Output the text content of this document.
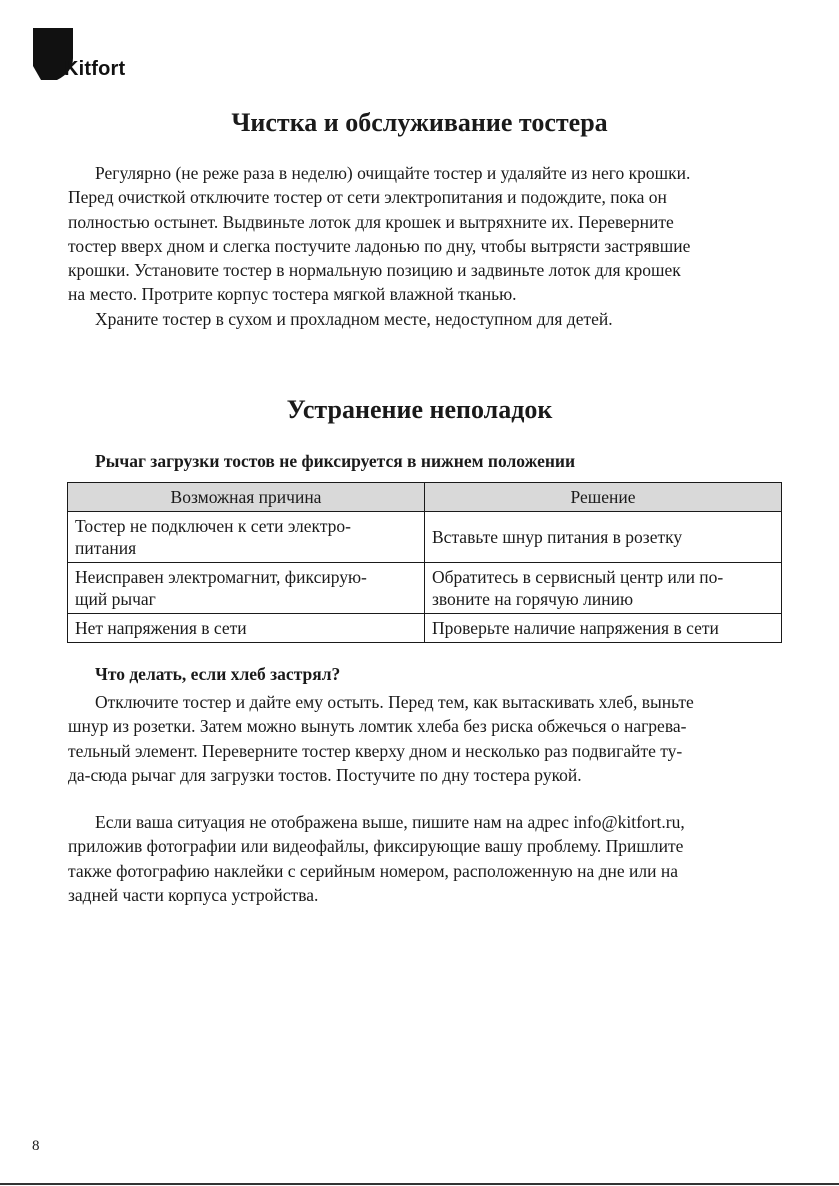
Kitfort
Чистка и обслуживание тостера
Регулярно (не реже раза в неделю) очищайте тостер и удаляйте из него крошки.
Перед очисткой отключите тостер от сети электропитания и подождите, пока он
полностью остынет. Выдвиньте лоток для крошек и вытряхните их. Переверните
тостер вверх дном и слегка постучите ладонью по дну, чтобы вытрясти застрявшие
крошки. Установите тостер в нормальную позицию и задвиньте лоток для крошек
на место. Протрите корпус тостера мягкой влажной тканью.
Храните тостер в сухом и прохладном месте, недоступном для детей.
Устранение неполадок

Рычаг загрузки тостов не фиксируется в нижнем положении

Возможная причина	Решение
Тостер не подключен к сети электро-
питания	Вставьте шнур питания в розетку
Неисправен электромагнит, фиксирую-
щий рычаг	Обратитесь в сервисный центр или по-
звоните на горячую линию
Нет напряжения в сети	Проверьте наличие напряжения в сети

Что делать, если хлеб застрял?

Отключите тостер и дайте ему остыть. Перед тем, как вытаскивать хлеб, выньте
шнур из розетки. Затем можно вынуть ломтик хлеба без риска обжечься о нагрева-
тельный элемент. Переверните тостер кверху дном и несколько раз подвигайте ту-
да-сюда рычаг для загрузки тостов. Постучите по дну тостера рукой.
Если ваша ситуация не отображена выше, пишите нам на адрес info@kitfort.ru,
приложив фотографии или видеофайлы, фиксирующие вашу проблему. Пришлите
также фотографию наклейки с серийным номером, расположенную на дне или на
задней части корпуса устройства.

8
